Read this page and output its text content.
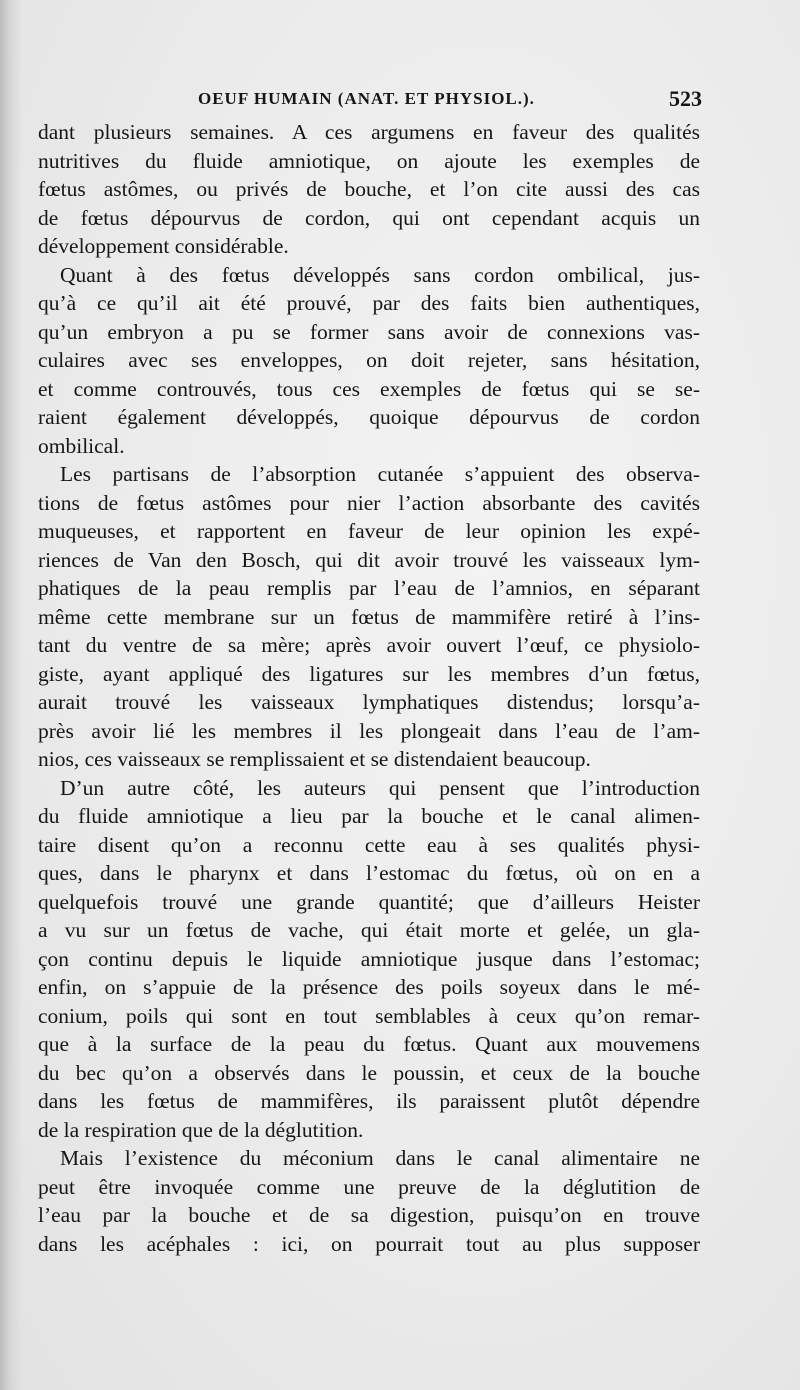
OEUF HUMAIN (ANAT. ET PHYSIOL.).	523
dant plusieurs semaines. A ces argumens en faveur des qualités
nutritives du fluide amniotique, on ajoute les exemples de
fœtus astômes, ou privés de bouche, et l’on cite aussi des cas
de fœtus dépourvus de cordon, qui ont cependant acquis un
développement considérable.
Quant à des fœtus développés sans cordon ombilical, jus-
qu’à ce qu’il ait été prouvé, par des faits bien authentiques,
qu’un embryon a pu se former sans avoir de connexions vas-
culaires avec ses enveloppes, on doit rejeter, sans hésitation,
et comme controuvés, tous ces exemples de fœtus qui se se-
raient également développés, quoique dépourvus de cordon
ombilical.
Les partisans de l’absorption cutanée s’appuient des observa-
tions de fœtus astômes pour nier l’action absorbante des cavités
muqueuses, et rapportent en faveur de leur opinion les expé-
riences de Van den Bosch, qui dit avoir trouvé les vaisseaux lym-
phatiques de la peau remplis par l’eau de l’amnios, en séparant
même cette membrane sur un fœtus de mammifère retiré à l’ins-
tant du ventre de sa mère; après avoir ouvert l’œuf, ce physiolo-
giste, ayant appliqué des ligatures sur les membres d’un fœtus,
aurait trouvé les vaisseaux lymphatiques distendus; lorsqu’a-
près avoir lié les membres il les plongeait dans l’eau de l’am-
nios, ces vaisseaux se remplissaient et se distendaient beaucoup.
D’un autre côté, les auteurs qui pensent que l’introduction
du fluide amniotique a lieu par la bouche et le canal alimen-
taire disent qu’on a reconnu cette eau à ses qualités physi-
ques, dans le pharynx et dans l’estomac du fœtus, où on en a
quelquefois trouvé une grande quantité; que d’ailleurs Heister
a vu sur un fœtus de vache, qui était morte et gelée, un gla-
çon continu depuis le liquide amniotique jusque dans l’estomac;
enfin, on s’appuie de la présence des poils soyeux dans le mé-
conium, poils qui sont en tout semblables à ceux qu’on remar-
que à la surface de la peau du fœtus. Quant aux mouvemens
du bec qu’on a observés dans le poussin, et ceux de la bouche
dans les fœtus de mammifères, ils paraissent plutôt dépendre
de la respiration que de la déglutition.
Mais l’existence du méconium dans le canal alimentaire ne
peut être invoquée comme une preuve de la déglutition de
l’eau par la bouche et de sa digestion, puisqu’on en trouve
dans les acéphales : ici, on pourrait tout au plus supposer
